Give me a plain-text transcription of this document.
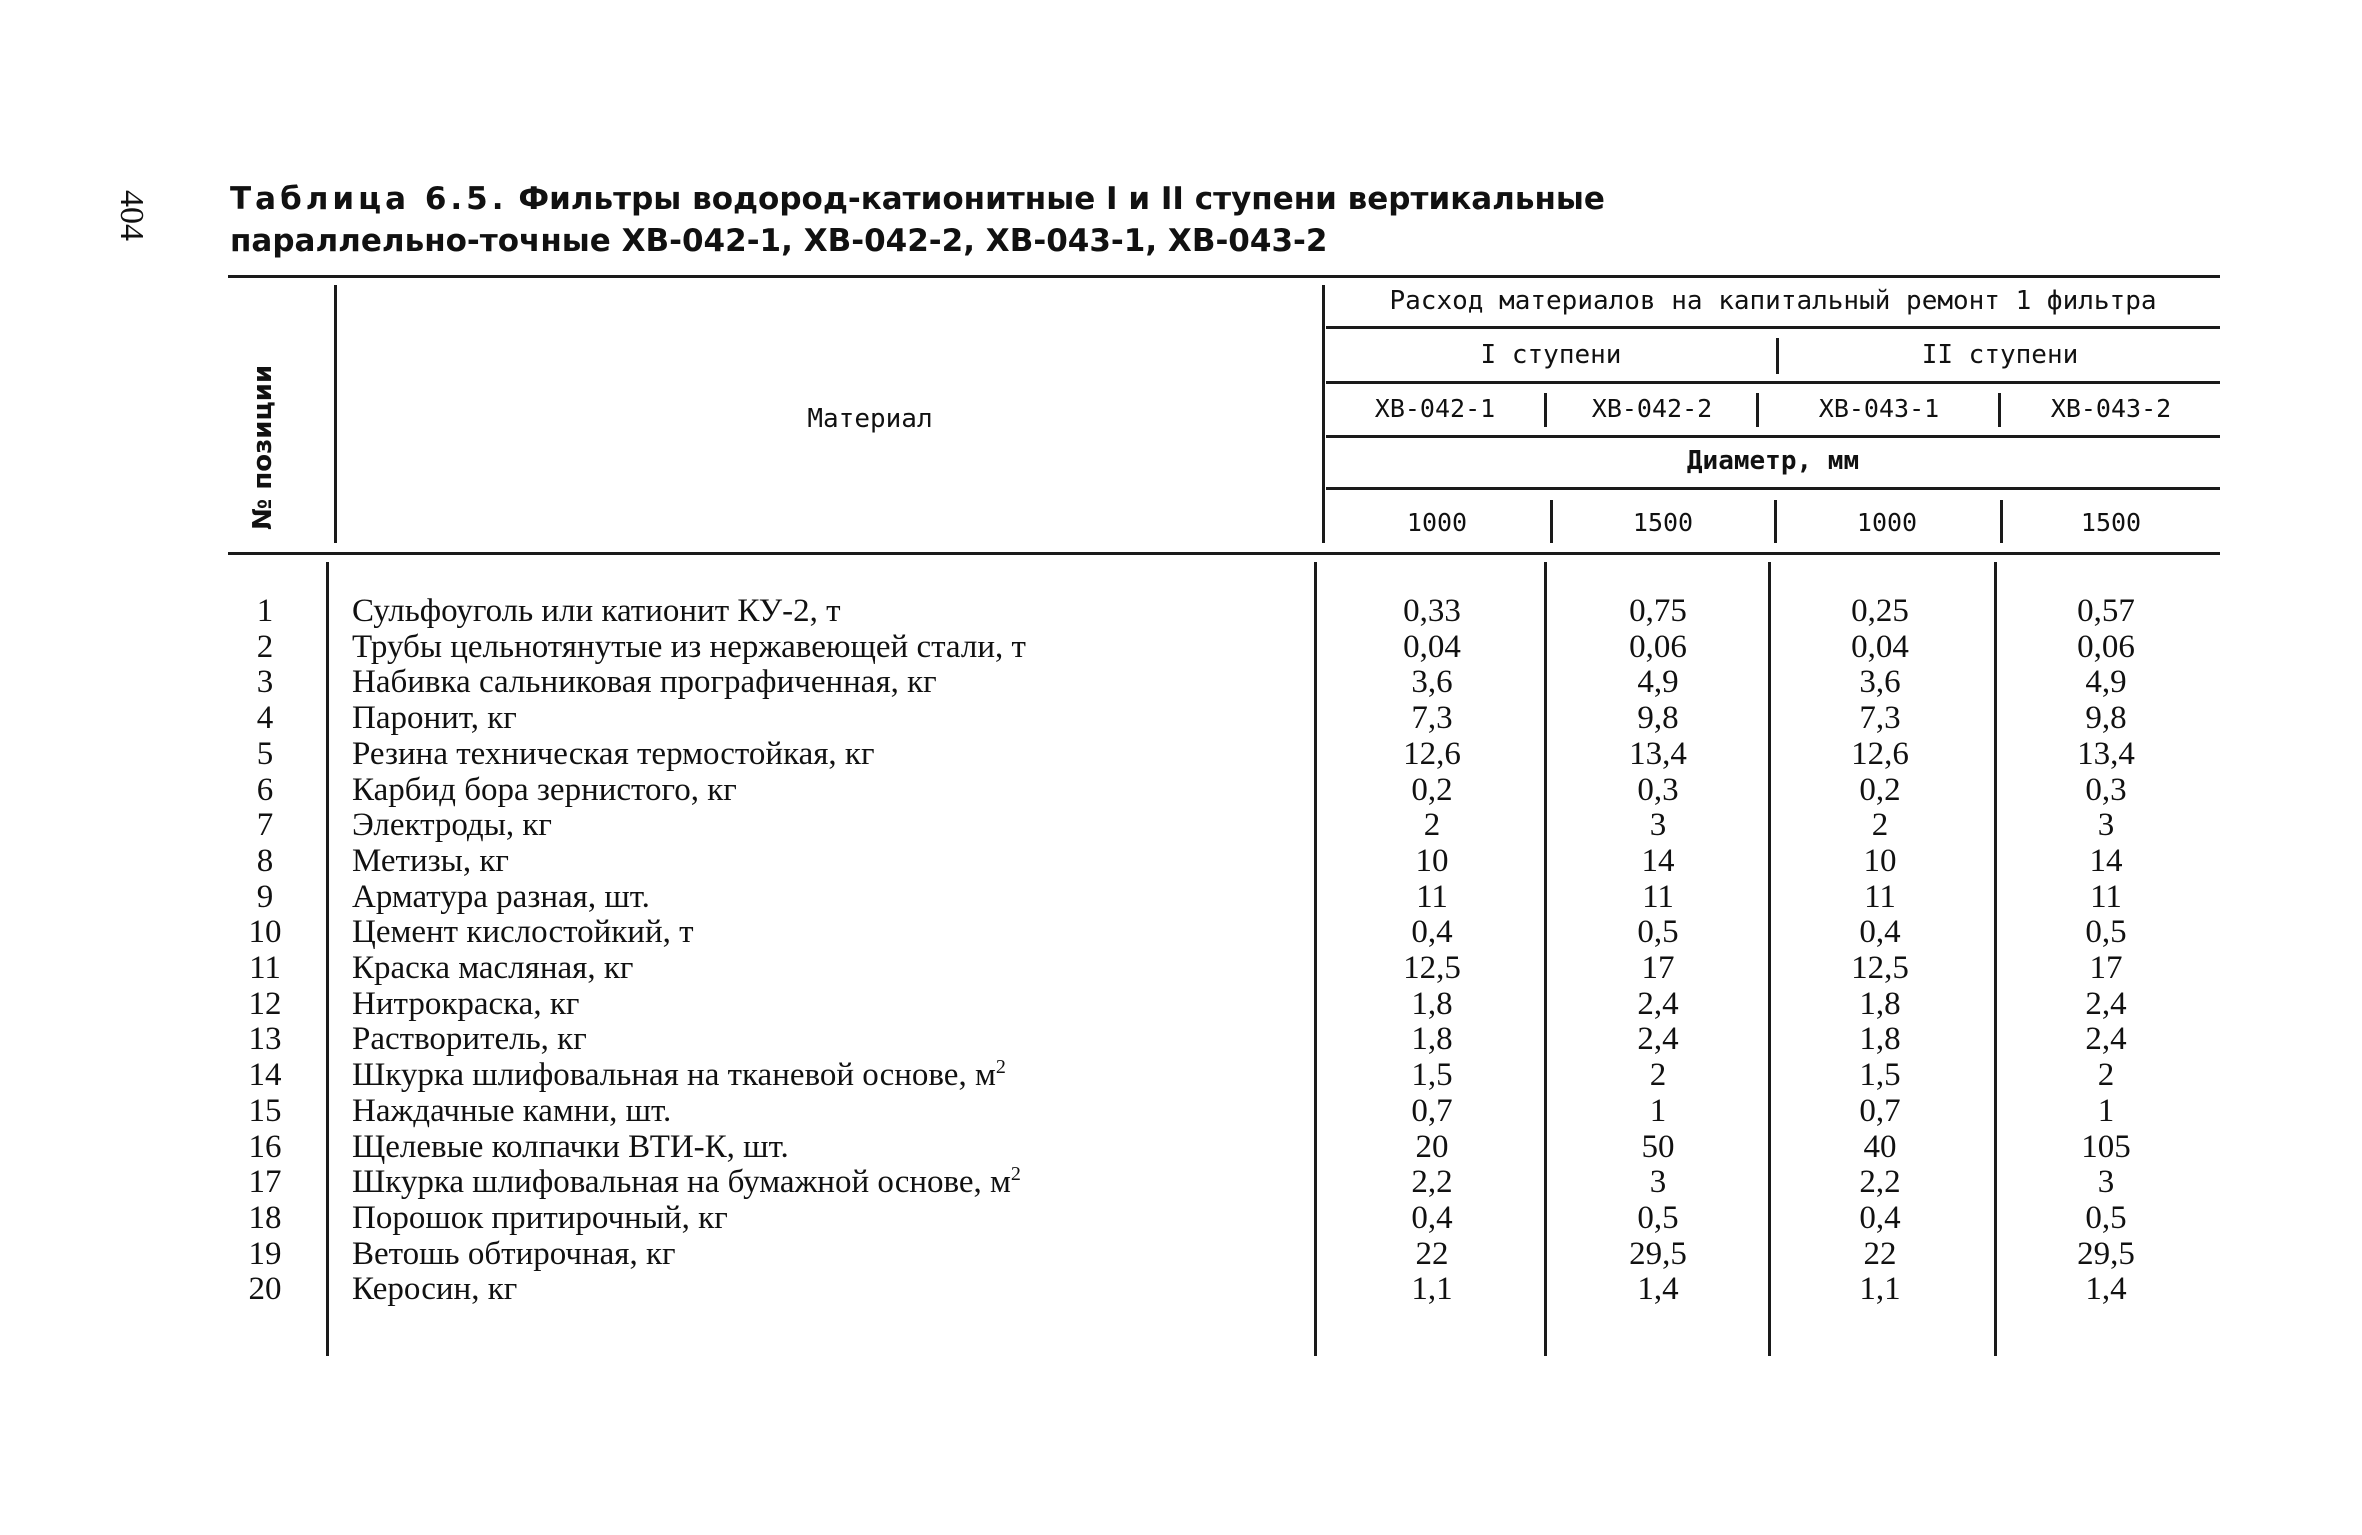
404	Таблица 6.5. Фильтры водород-катионитные I и II ступени вертикальные
параллельно-точные ХВ-042-1, ХВ-042-2, ХВ-043-1, ХВ-043-2
№ позиции	Материал
Расход материалов на капитальный ремонт 1 фильтра
I ступени	II ступени
ХВ-042-1	ХВ-042-2	ХВ-043-1	ХВ-043-2
Диаметр, мм
1000	1500	1000	1500
1	Сульфоуголь или катионит КУ-2, т	0,33	0,75	0,25	0,57
2	Трубы цельнотянутые из нержавеющей стали, т	0,04	0,06	0,04	0,06
3	Набивка сальниковая прографиченная, кг	3,6	4,9	3,6	4,9
4	Паронит, кг	7,3	9,8	7,3	9,8
5	Резина техническая термостойкая, кг	12,6	13,4	12,6	13,4
6	Карбид бора зернистого, кг	0,2	0,3	0,2	0,3
7	Электроды, кг	2	3	2	3
8	Метизы, кг	10	14	10	14
9	Арматура разная, шт.	11	11	11	11
10	Цемент кислостойкий, т	0,4	0,5	0,4	0,5
11	Краска масляная, кг	12,5	17	12,5	17
12	Нитрокраска, кг	1,8	2,4	1,8	2,4
13	Растворитель, кг	1,8	2,4	1,8	2,4
14	Шкурка шлифовальная на тканевой основе, $м^2$	1,5	2	1,5	2
15	Наждачные камни, шт.	0,7	1	0,7	1
16	Щелевые колпачки ВТИ-К, шт.	20	50	40	105
17	Шкурка шлифовальная на бумажной основе, $м^2$	2,2	3	2,2	3
18	Порошок притирочный, кг	0,4	0,5	0,4	0,5
19	Ветошь обтирочная, кг	22	29,5	22	29,5
20	Керосин, кг	1,1	1,4	1,1	1,4
